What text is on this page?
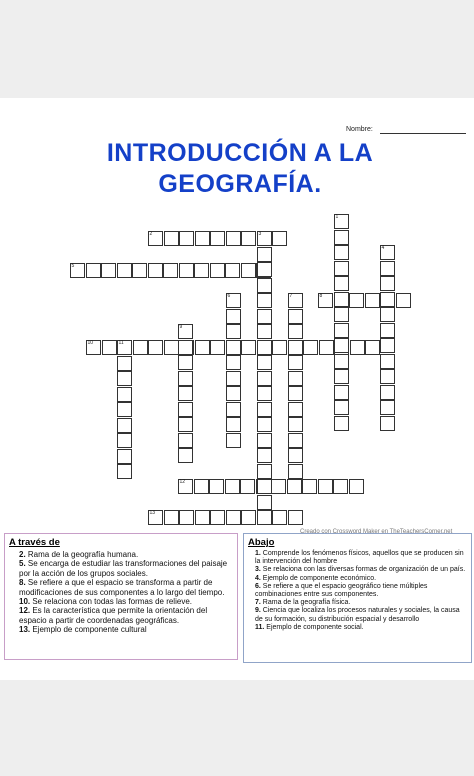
Nombre:
INTRODUCCIÓN A LA GEOGRAFÍA.
1
2	3
4
5
6	7	8
9
10	11
12
13
Creado con Crossword Maker en TheTeachersCorner.net
A través de
2. Rama de la geografía humana.
5. Se encarga de estudiar las transformaciones del paisaje por la acción de los grupos sociales.
8. Se refiere a que el espacio se transforma a partir de modificaciones de sus componentes a lo largo del tiempo.
10. Se relaciona con todas las formas de relieve.
12. Es la característica que permite la orientación del espacio a partir de coordenadas geográficas.
13. Ejemplo de componente cultural
Abajo
1. Comprende los fenómenos físicos, aquellos que se producen sin la intervención del hombre
3. Se relaciona con las diversas formas de organización de un país.
4. Ejemplo de componente económico.
6. Se refiere a que el espacio geográfico tiene múltiples combinaciones entre sus componentes.
7. Rama de la geografía física.
9. Ciencia que localiza los procesos naturales y sociales, la causa de su formación, su distribución espacial y desarrollo
11. Ejemplo de componente social.
